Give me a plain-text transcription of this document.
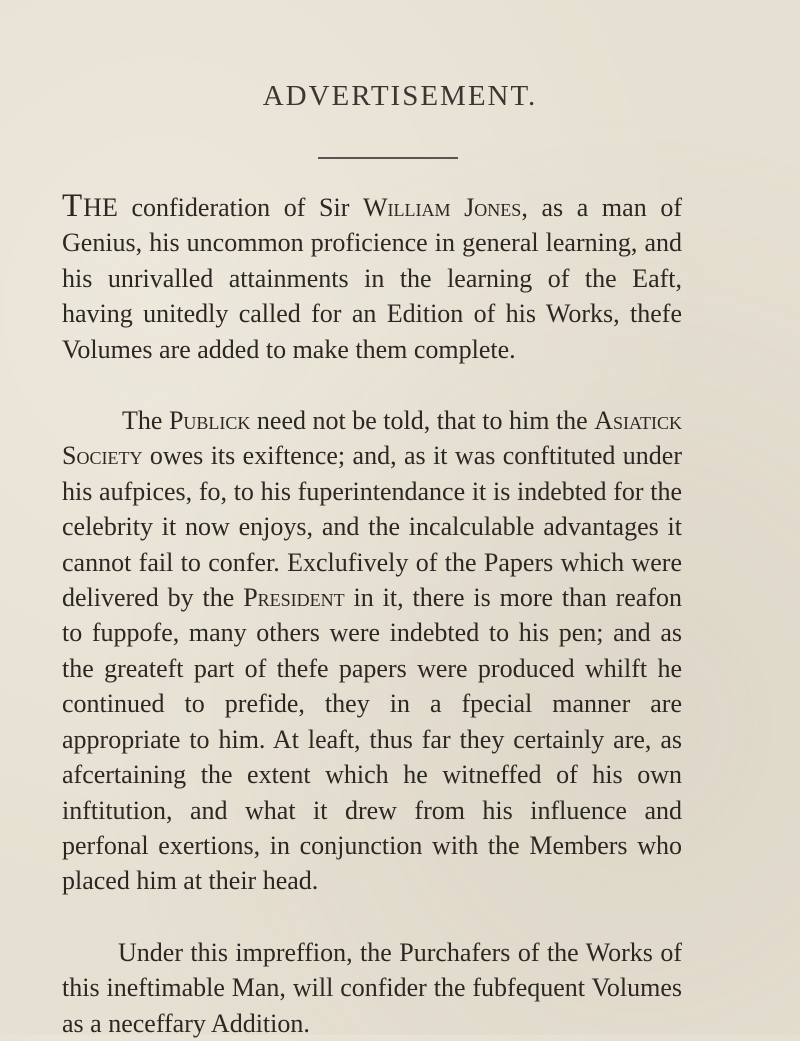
ADVERTISEMENT.

THE confideration of Sir William Jones, as a man of Genius, his uncommon proficience in general learning, and his unrivalled attainments in the learning of the Eaft, having unitedly called for an Edition of his Works, thefe Volumes are added to make them complete.

The Publick need not be told, that to him the Asiatick Society owes its exiftence; and, as it was conftituted under his aufpices, fo, to his fuperintendance it is indebted for the celebrity it now enjoys, and the incalculable advantages it cannot fail to confer. Exclufively of the Papers which were delivered by the President in it, there is more than reafon to fuppofe, many others were indebted to his pen; and as the greateft part of thefe papers were produced whilft he continued to prefide, they in a fpecial manner are appropriate to him. At leaft, thus far they certainly are, as afcertaining the extent which he witneffed of his own inftitution, and what it drew from his influence and perfonal exertions, in conjunction with the Members who placed him at their head.

Under this impreffion, the Purchafers of the Works of this ineftimable Man, will confider the fubfequent Volumes as a neceffary Addition.
